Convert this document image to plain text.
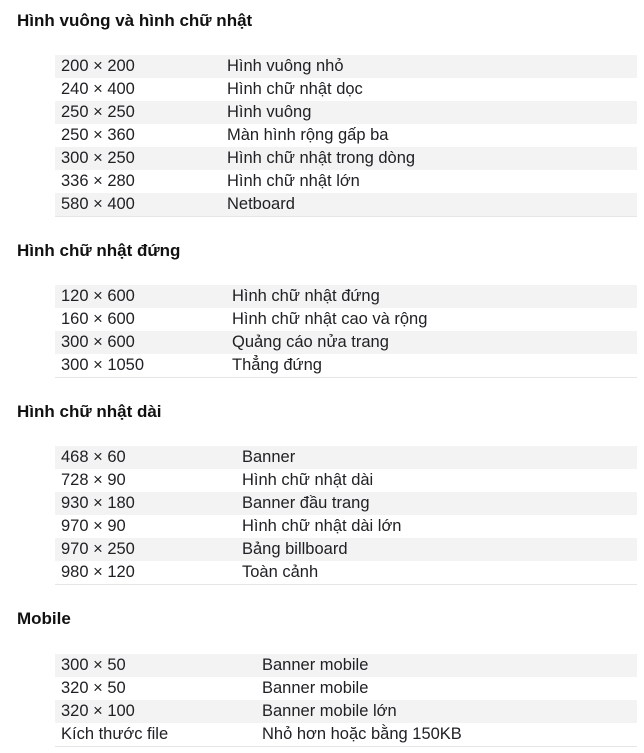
Hình vuông và hình chữ nhật
200 × 200	Hình vuông nhỏ
240 × 400	Hình chữ nhật dọc
250 × 250	Hình vuông
250 × 360	Màn hình rộng gấp ba
300 × 250	Hình chữ nhật trong dòng
336 × 280	Hình chữ nhật lớn
580 × 400	Netboard
Hình chữ nhật đứng
120 × 600	Hình chữ nhật đứng
160 × 600	Hình chữ nhật cao và rộng
300 × 600	Quảng cáo nửa trang
300 × 1050	Thẳng đứng
Hình chữ nhật dài
468 × 60	Banner
728 × 90	Hình chữ nhật dài
930 × 180	Banner đầu trang
970 × 90	Hình chữ nhật dài lớn
970 × 250	Bảng billboard
980 × 120	Toàn cảnh
Mobile
300 × 50	Banner mobile
320 × 50	Banner mobile
320 × 100	Banner mobile lớn
Kích thước file	Nhỏ hơn hoặc bằng 150KB
